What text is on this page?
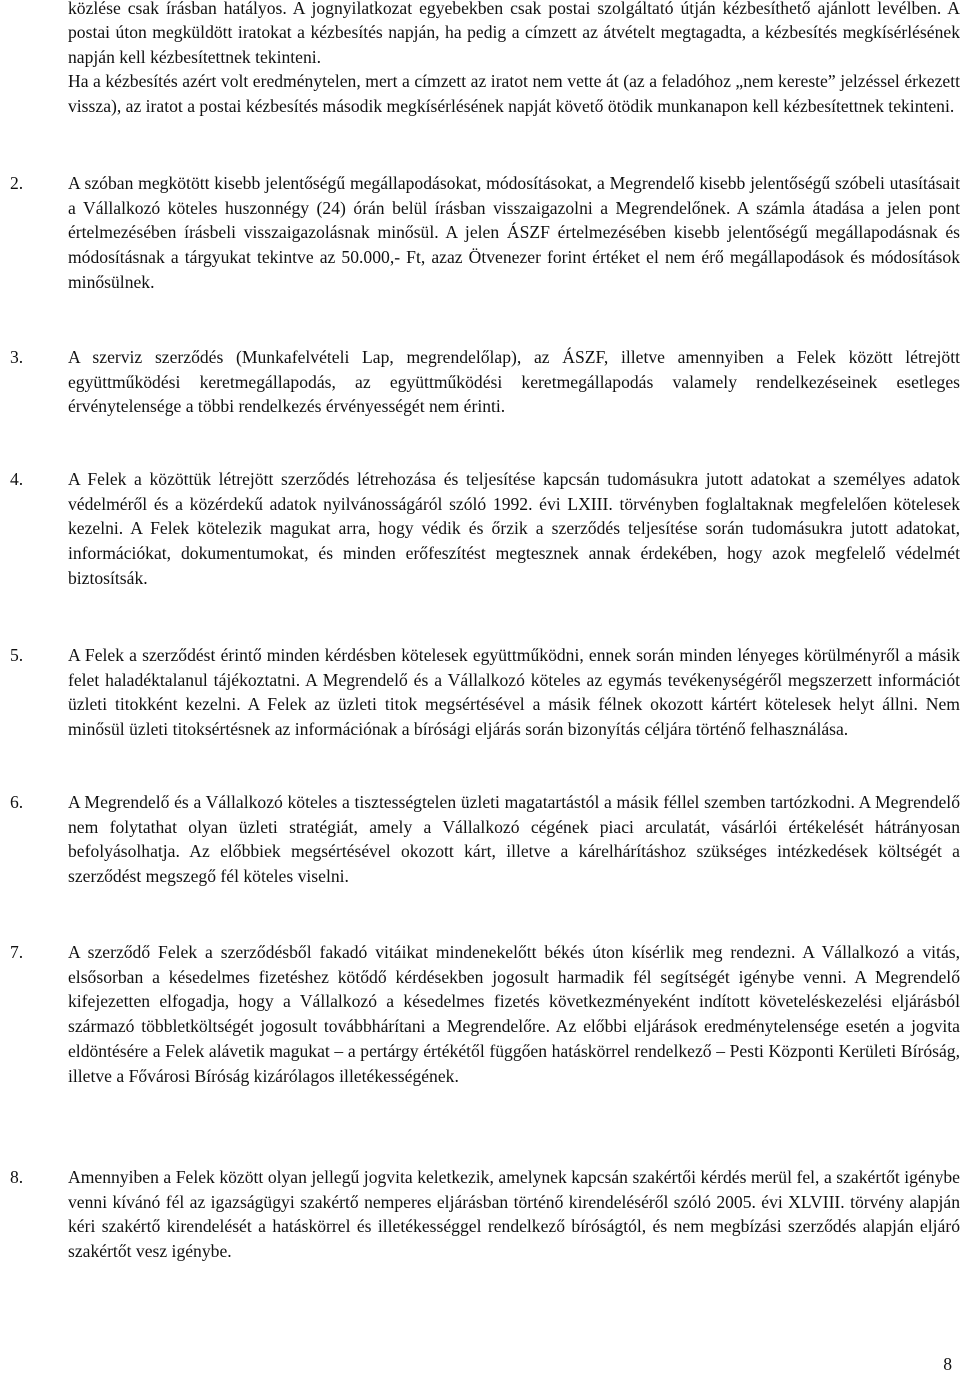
közlése csak írásban hatályos. A jognyilatkozat egyebekben csak postai szolgáltató útján kézbesíthető ajánlott levélben. A postai úton megküldött iratokat a kézbesítés napján, ha pedig a címzett az átvételt megtagadta, a kézbesítés megkísérlésének napján kell kézbesítettnek tekinteni.

Ha a kézbesítés azért volt eredménytelen, mert a címzett az iratot nem vette át (az a feladóhoz „nem kereste” jelzéssel érkezett vissza), az iratot a postai kézbesítés második megkísérlésének napját követő ötödik munkanapon kell kézbesítettnek tekinteni.

2.	A szóban megkötött kisebb jelentőségű megállapodásokat, módosításokat, a Megrendelő kisebb jelentőségű szóbeli utasításait a Vállalkozó köteles huszonnégy (24) órán belül írásban visszaigazolni a Megrendelőnek. A számla átadása a jelen pont értelmezésében írásbeli visszaigazolásnak minősül. A jelen ÁSZF értelmezésében kisebb jelentőségű megállapodásnak és módosításnak a tárgyukat tekintve az 50.000,- Ft, azaz Ötvenezer forint értéket el nem érő megállapodások és módosítások minősülnek.

3.	A szerviz szerződés (Munkafelvételi Lap, megrendelőlap), az ÁSZF, illetve amennyiben a Felek között létrejött együttműködési keretmegállapodás, az együttműködési keretmegállapodás valamely rendelkezéseinek esetleges érvénytelensége a többi rendelkezés érvényességét nem érinti.

4.	A Felek a közöttük létrejött szerződés létrehozása és teljesítése kapcsán tudomásukra jutott adatokat a személyes adatok védelméről és a közérdekű adatok nyilvánosságáról szóló 1992. évi LXIII. törvényben foglaltaknak megfelelően kötelesek kezelni. A Felek kötelezik magukat arra, hogy védik és őrzik a szerződés teljesítése során tudomásukra jutott adatokat, információkat, dokumentumokat, és minden erőfeszítést megtesznek annak érdekében, hogy azok megfelelő védelmét biztosítsák.

5.	A Felek a szerződést érintő minden kérdésben kötelesek együttműködni, ennek során minden lényeges körülményről a másik felet haladéktalanul tájékoztatni. A Megrendelő és a Vállalkozó köteles az egymás tevékenységéről megszerzett információt üzleti titokként kezelni. A Felek az üzleti titok megsértésével a másik félnek okozott kártért kötelesek helyt állni. Nem minősül üzleti titoksértésnek az információnak a bírósági eljárás során bizonyítás céljára történő felhasználása.

6.	A Megrendelő és a Vállalkozó köteles a tisztességtelen üzleti magatartástól a másik féllel szemben tartózkodni. A Megrendelő nem folytathat olyan üzleti stratégiát, amely a Vállalkozó cégének piaci arculatát, vásárlói értékelését hátrányosan befolyásolhatja. Az előbbiek megsértésével okozott kárt, illetve a kárelhárításhoz szükséges intézkedések költségét a szerződést megszegő fél köteles viselni.

7.	A szerződő Felek a szerződésből fakadó vitáikat mindenekelőtt békés úton kísérlik meg rendezni. A Vállalkozó a vitás, elsősorban a késedelmes fizetéshez kötődő kérdésekben jogosult harmadik fél segítségét igénybe venni. A Megrendelő kifejezetten elfogadja, hogy a Vállalkozó a késedelmes fizetés következményeként indított követeléskezelési eljárásból származó többletköltségét jogosult továbbhárítani a Megrendelőre. Az előbbi eljárások eredménytelensége esetén a jogvita eldöntésére a Felek alávetik magukat – a pertárgy értékétől függően hatáskörrel rendelkező – Pesti Központi Kerületi Bíróság, illetve a Fővárosi Bíróság kizárólagos illetékességének.

8.	Amennyiben a Felek között olyan jellegű jogvita keletkezik, amelynek kapcsán szakértői kérdés merül fel, a szakértőt igénybe venni kívánó fél az igazságügyi szakértő nemperes eljárásban történő kirendeléséről szóló 2005. évi XLVIII. törvény alapján kéri szakértő kirendelését a hatáskörrel és illetékességgel rendelkező bíróságtól, és nem megbízási szerződés alapján eljáró szakértőt vesz igénybe.

8
